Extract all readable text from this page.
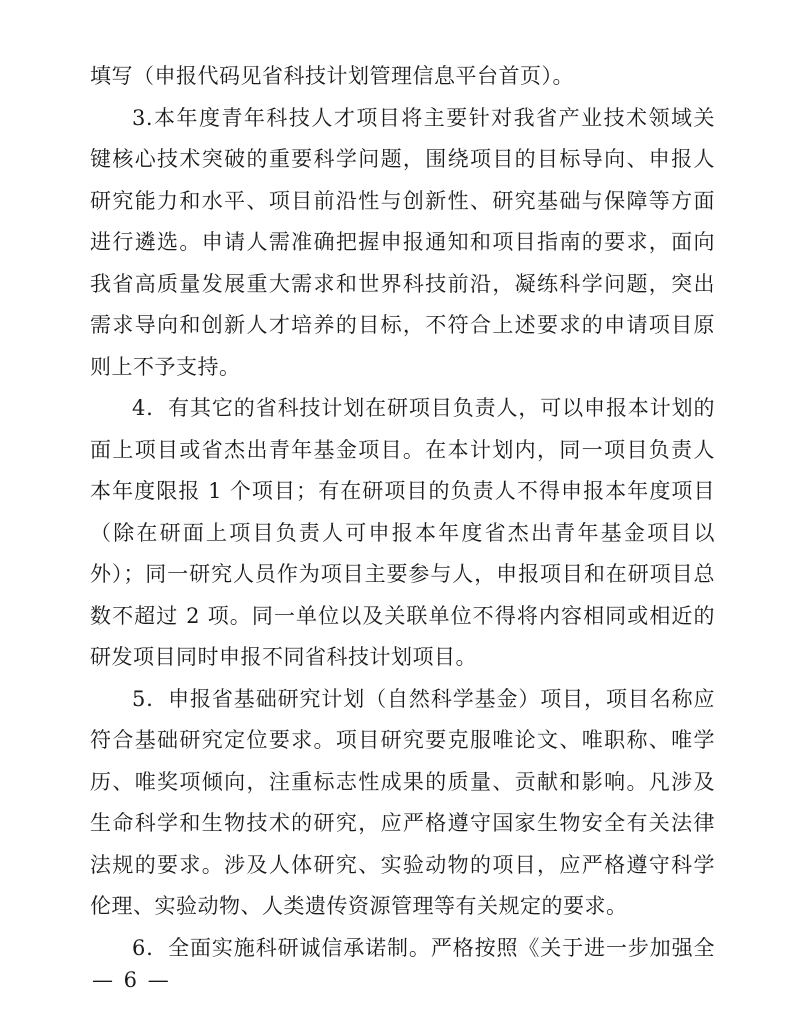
填写（申报代码见省科技计划管理信息平台首页）。

3.本年度青年科技人才项目将主要针对我省产业技术领域关
键核心技术突破的重要科学问题，围绕项目的目标导向、申报人
研究能力和水平、项目前沿性与创新性、研究基础与保障等方面
进行遴选。申请人需准确把握申报通知和项目指南的要求，面向
我省高质量发展重大需求和世界科技前沿，凝练科学问题，突出
需求导向和创新人才培养的目标，不符合上述要求的申请项目原
则上不予支持。

4．有其它的省科技计划在研项目负责人，可以申报本计划的
面上项目或省杰出青年基金项目。在本计划内，同一项目负责人
本年度限报 1 个项目；有在研项目的负责人不得申报本年度项目
（除在研面上项目负责人可申报本年度省杰出青年基金项目以
外）；同一研究人员作为项目主要参与人，申报项目和在研项目总
数不超过 2 项。同一单位以及关联单位不得将内容相同或相近的
研发项目同时申报不同省科技计划项目。

5．申报省基础研究计划（自然科学基金）项目，项目名称应
符合基础研究定位要求。项目研究要克服唯论文、唯职称、唯学
历、唯奖项倾向，注重标志性成果的质量、贡献和影响。凡涉及
生命科学和生物技术的研究，应严格遵守国家生物安全有关法律
法规的要求。涉及人体研究、实验动物的项目，应严格遵守科学
伦理、实验动物、人类遗传资源管理等有关规定的要求。

6．全面实施科研诚信承诺制。严格按照《关于进一步加强全

— 6 —
